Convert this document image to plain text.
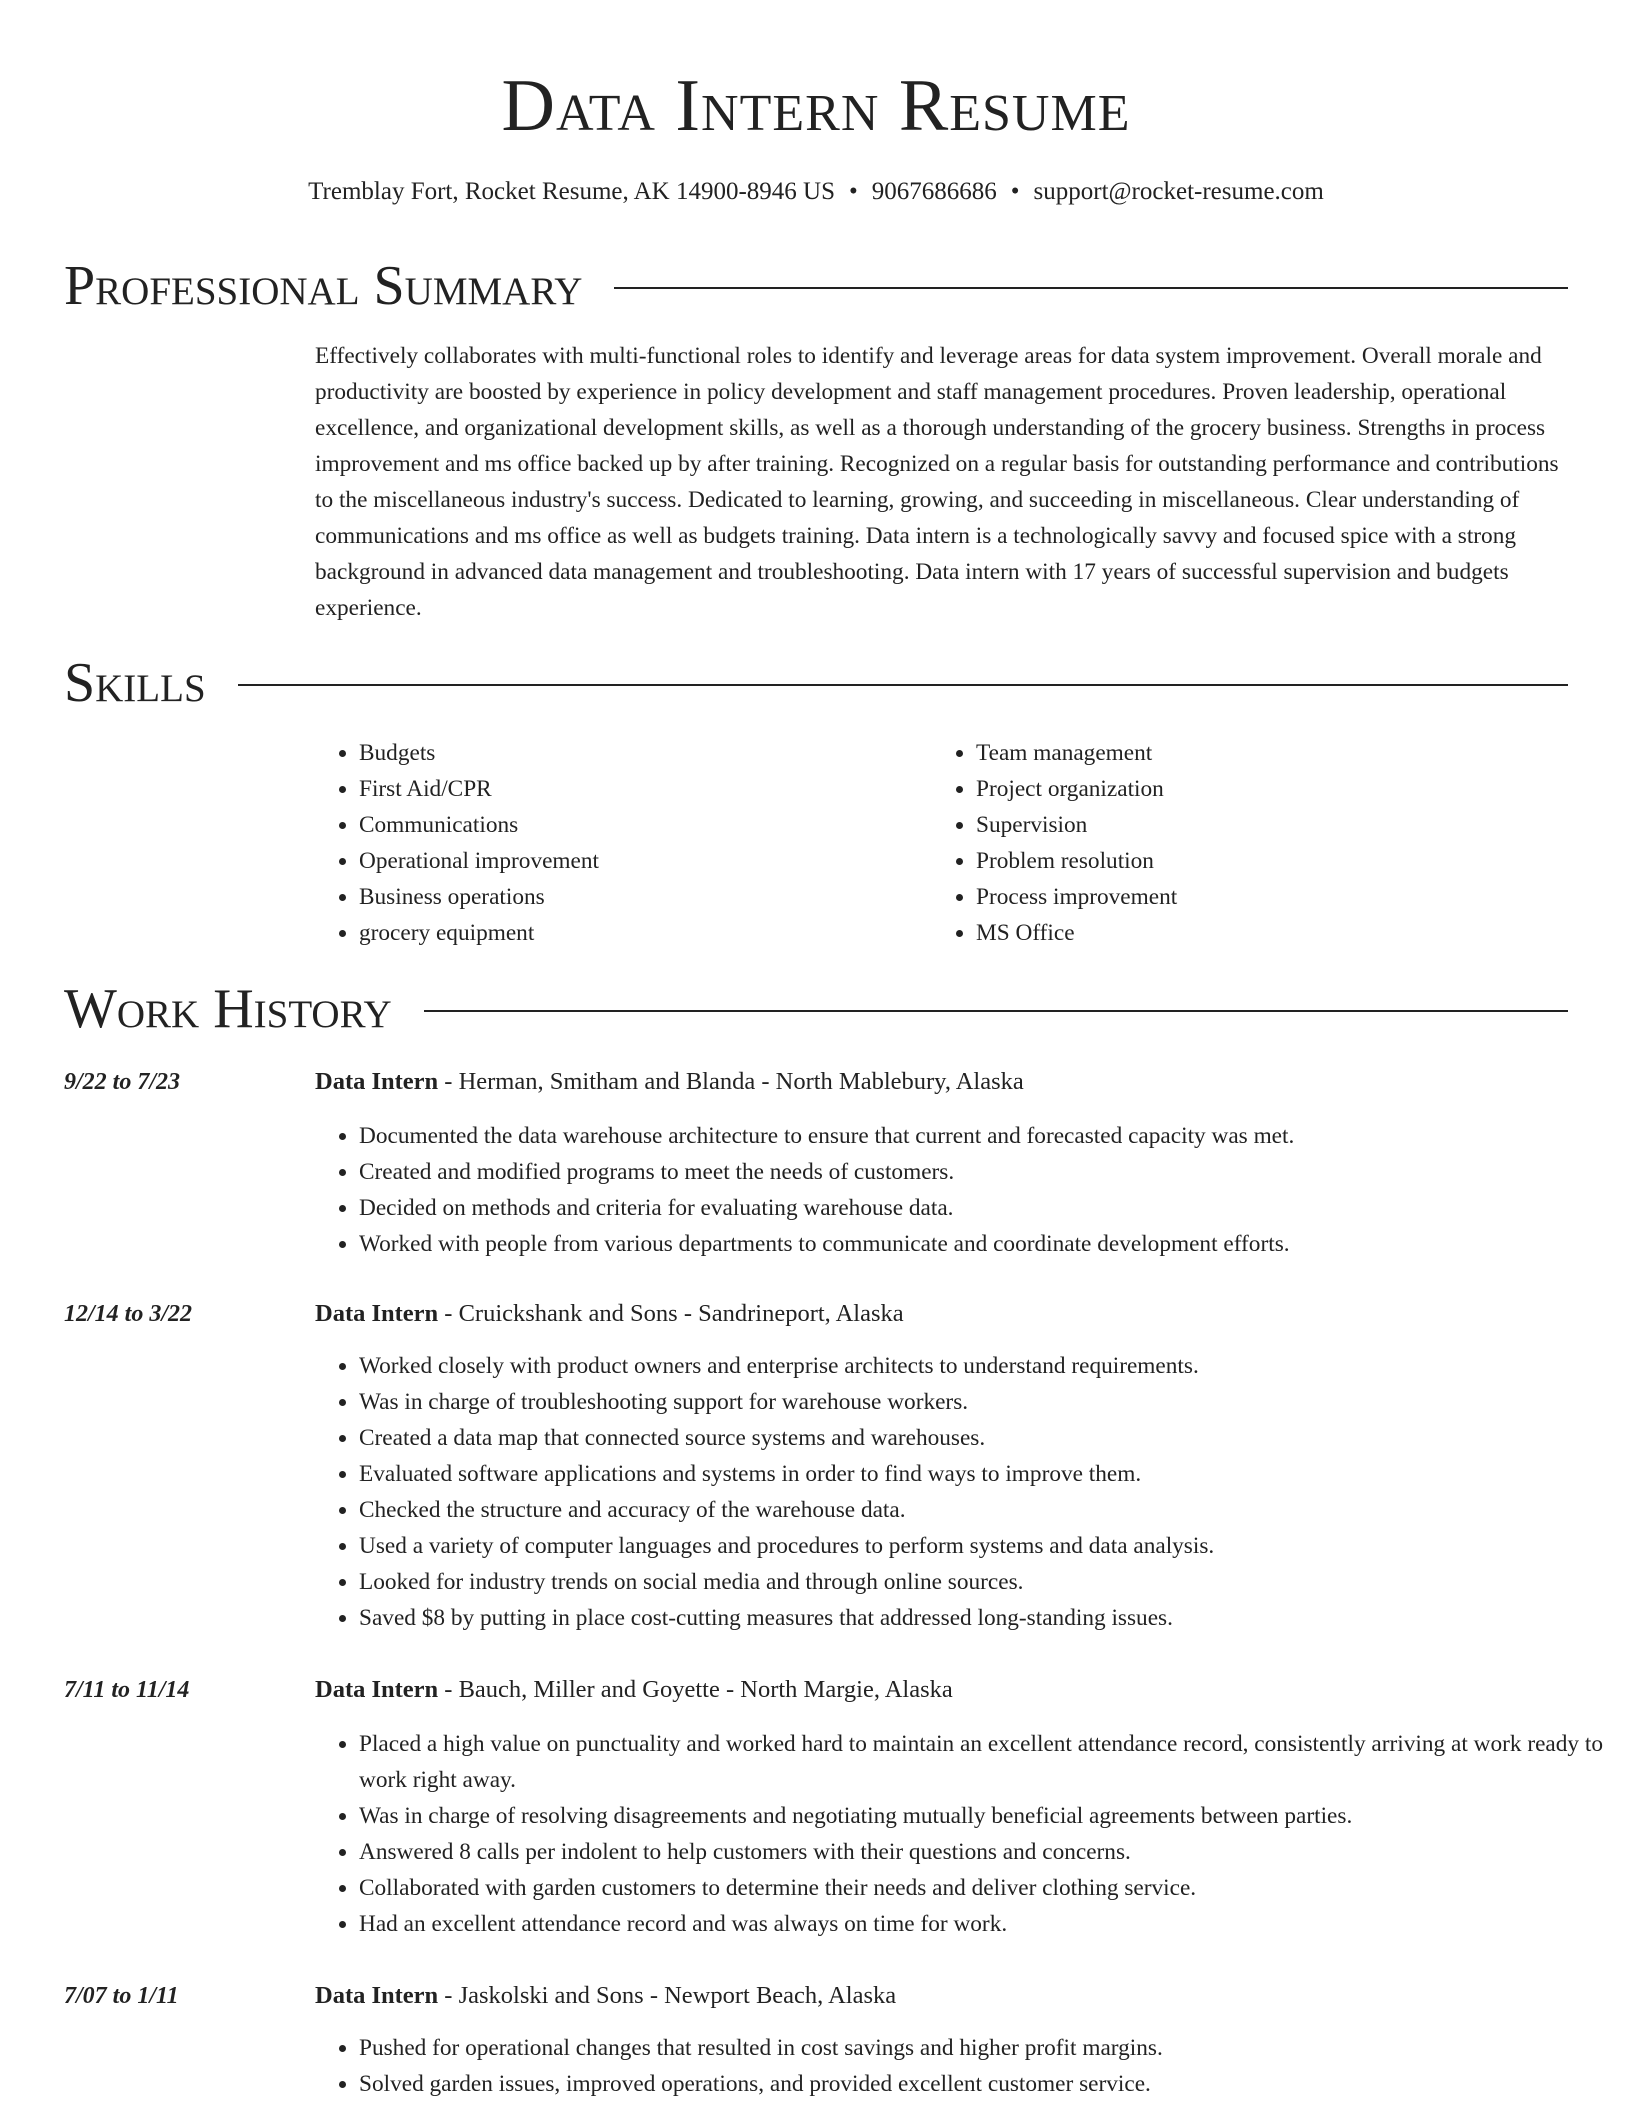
Data Intern Resume
Tremblay Fort, Rocket Resume, AK 14900-8946 US • 9067686686 • support@rocket-resume.com
Professional Summary

Effectively collaborates with multi-functional roles to identify and leverage areas for data system improvement. Overall morale and productivity are boosted by experience in policy development and staff management procedures. Proven leadership, operational excellence, and organizational development skills, as well as a thorough understanding of the grocery business. Strengths in process improvement and ms office backed up by after training. Recognized on a regular basis for outstanding performance and contributions to the miscellaneous industry's success. Dedicated to learning, growing, and succeeding in miscellaneous. Clear understanding of communications and ms office as well as budgets training. Data intern is a technologically savvy and focused spice with a strong background in advanced data management and troubleshooting. Data intern with 17 years of successful supervision and budgets experience.

Skills
• Budgets
• First Aid/CPR
• Communications
• Operational improvement
• Business operations
• grocery equipment
• Team management
• Project organization
• Supervision
• Problem resolution
• Process improvement
• MS Office
Work History
9/22 to 7/23	Data Intern - Herman, Smitham and Blanda - North Mablebury, Alaska
• Documented the data warehouse architecture to ensure that current and forecasted capacity was met.
• Created and modified programs to meet the needs of customers.
• Decided on methods and criteria for evaluating warehouse data.
• Worked with people from various departments to communicate and coordinate development efforts.
12/14 to 3/22	Data Intern - Cruickshank and Sons - Sandrineport, Alaska
• Worked closely with product owners and enterprise architects to understand requirements.
• Was in charge of troubleshooting support for warehouse workers.
• Created a data map that connected source systems and warehouses.
• Evaluated software applications and systems in order to find ways to improve them.
• Checked the structure and accuracy of the warehouse data.
• Used a variety of computer languages and procedures to perform systems and data analysis.
• Looked for industry trends on social media and through online sources.
• Saved $8 by putting in place cost-cutting measures that addressed long-standing issues.
7/11 to 11/14	Data Intern - Bauch, Miller and Goyette - North Margie, Alaska
• Placed a high value on punctuality and worked hard to maintain an excellent attendance record, consistently arriving at work ready to work right away.
• Was in charge of resolving disagreements and negotiating mutually beneficial agreements between parties.
• Answered 8 calls per indolent to help customers with their questions and concerns.
• Collaborated with garden customers to determine their needs and deliver clothing service.
• Had an excellent attendance record and was always on time for work.
7/07 to 1/11	Data Intern - Jaskolski and Sons - Newport Beach, Alaska
• Pushed for operational changes that resulted in cost savings and higher profit margins.
• Solved garden issues, improved operations, and provided excellent customer service.
